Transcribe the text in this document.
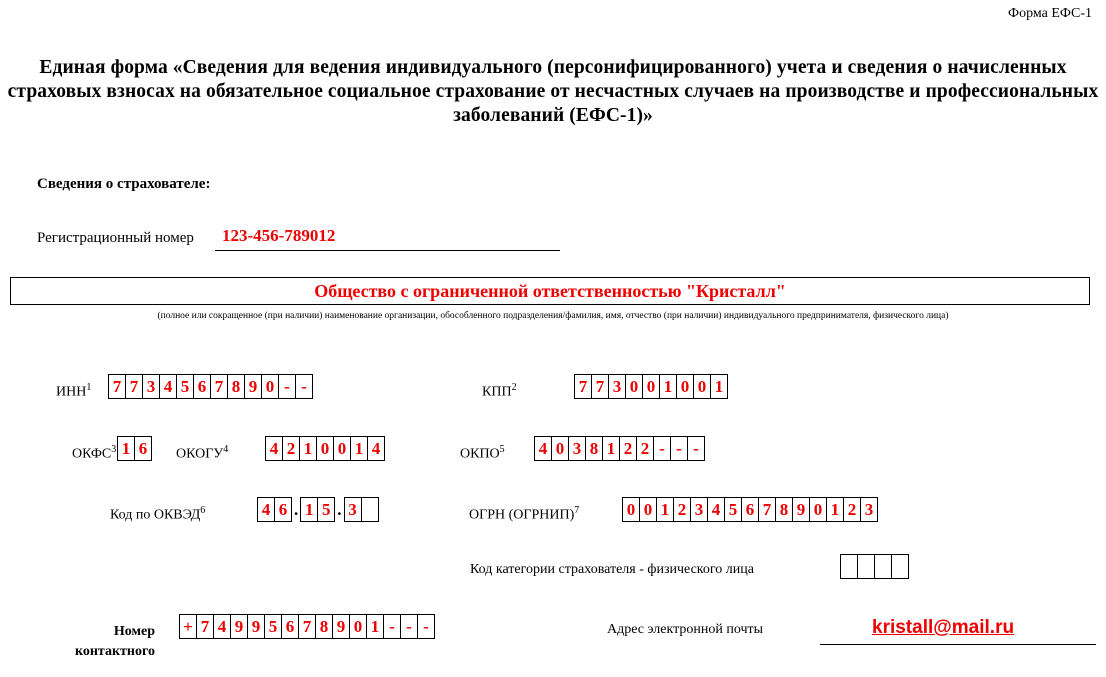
Форма ЕФС-1
Единая форма «Сведения для ведения индивидуального (персонифицированного) учета и сведения о начисленных страховых взносах на обязательное социальное страхование от несчастных случаев на производстве и профессиональных заболеваний (ЕФС-1)»
Сведения о страхователе:
Регистрационный номер 123-456-789012
Общество с ограниченной ответственностью "Кристалл"
(полное или сокращенное (при наличии) наименование организации, обособленного подразделения/фамилия, имя, отчество (при наличии) индивидуального предпринимателя, физического лица)
ИНН$^1$ 7 7 3 4 5 6 7 8 9 0 - -	КПП$^2$	7 7 3 0 0 1 0 0 1
ОКФС$^3$ 1 6	ОКОГУ$^4$ 4 2 1 0 0 1 4	ОКПО$^5$ 4 0 3 8 1 2 2 - - -
Код по ОКВЭД$^6$	4 6 . 1 5 . 3	ОГРН (ОГРНИП)$^7$	0 0 1 2 3 4 5 6 7 8 9 0 1 2 3
Код категории страхователя - физического лица
Номер
контактного
+ 7 4 9 9 5 6 7 8 9 0 1 - - -	Адрес электронной почты	kristall@mail.ru
